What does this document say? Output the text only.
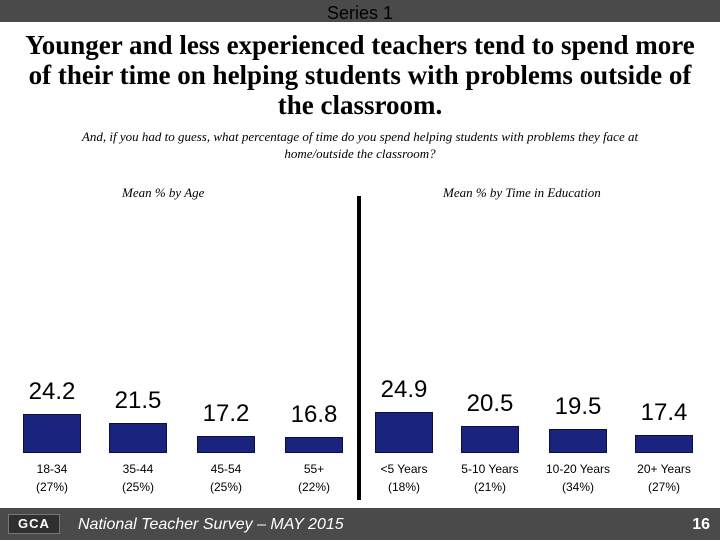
Series 1
Younger and less experienced teachers tend to spend more of their time on helping students with problems outside of the classroom.
And, if you had to guess, what percentage of time do you spend helping students with problems they face at home/outside the classroom?
Mean % by Age	Mean % by Time in Education
24.2
18-34
(27%)
21.5
35-44
(25%)
17.2
45-54
(25%)
16.8
55+
(22%)
24.9
<5 Years
(18%)
20.5
5-10 Years
(21%)
19.5
10-20 Years
(34%)
17.4
20+ Years
(27%)
GCA	National Teacher Survey – MAY 2015	16
